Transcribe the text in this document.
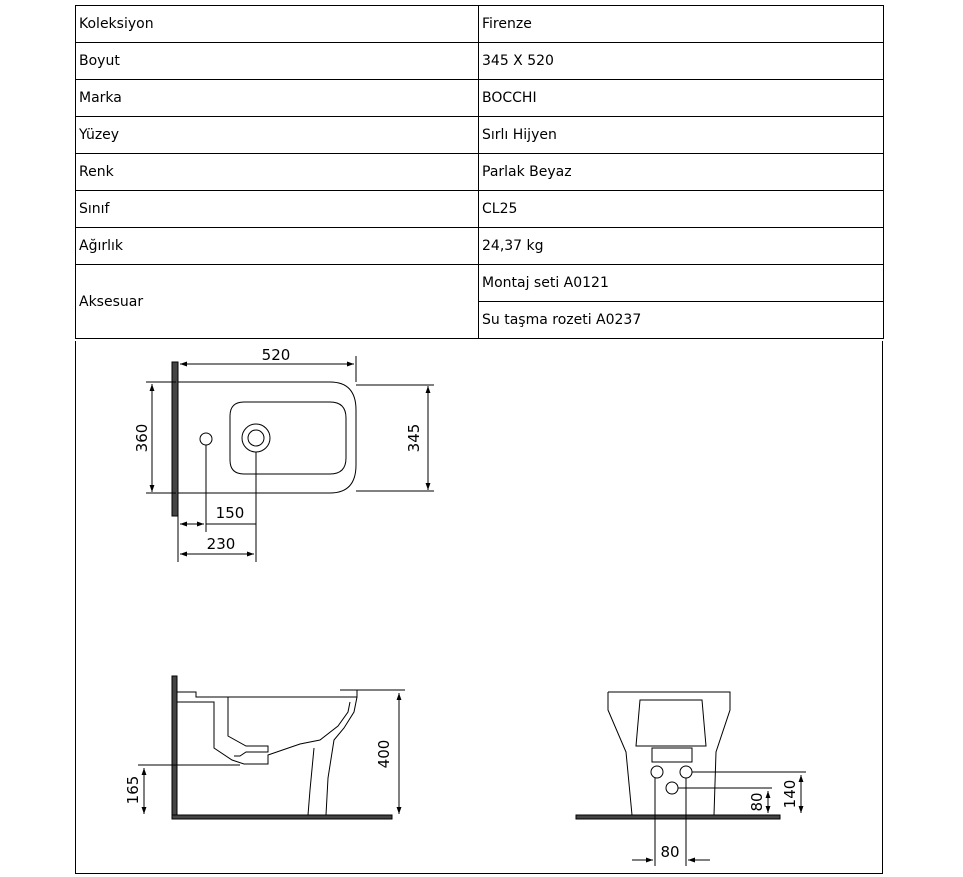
Koleksiyon	Firenze
Boyut	345 X 520
Marka	BOCCHI
Yüzey	Sırlı Hijyen
Renk	Parlak Beyaz
Sınıf	CL25
Ağırlık	24,37 kg
Aksesuar	Montaj seti A0121
	Su taşma rozeti A0237
520
360	345
150
230
400
165	80 140
80
